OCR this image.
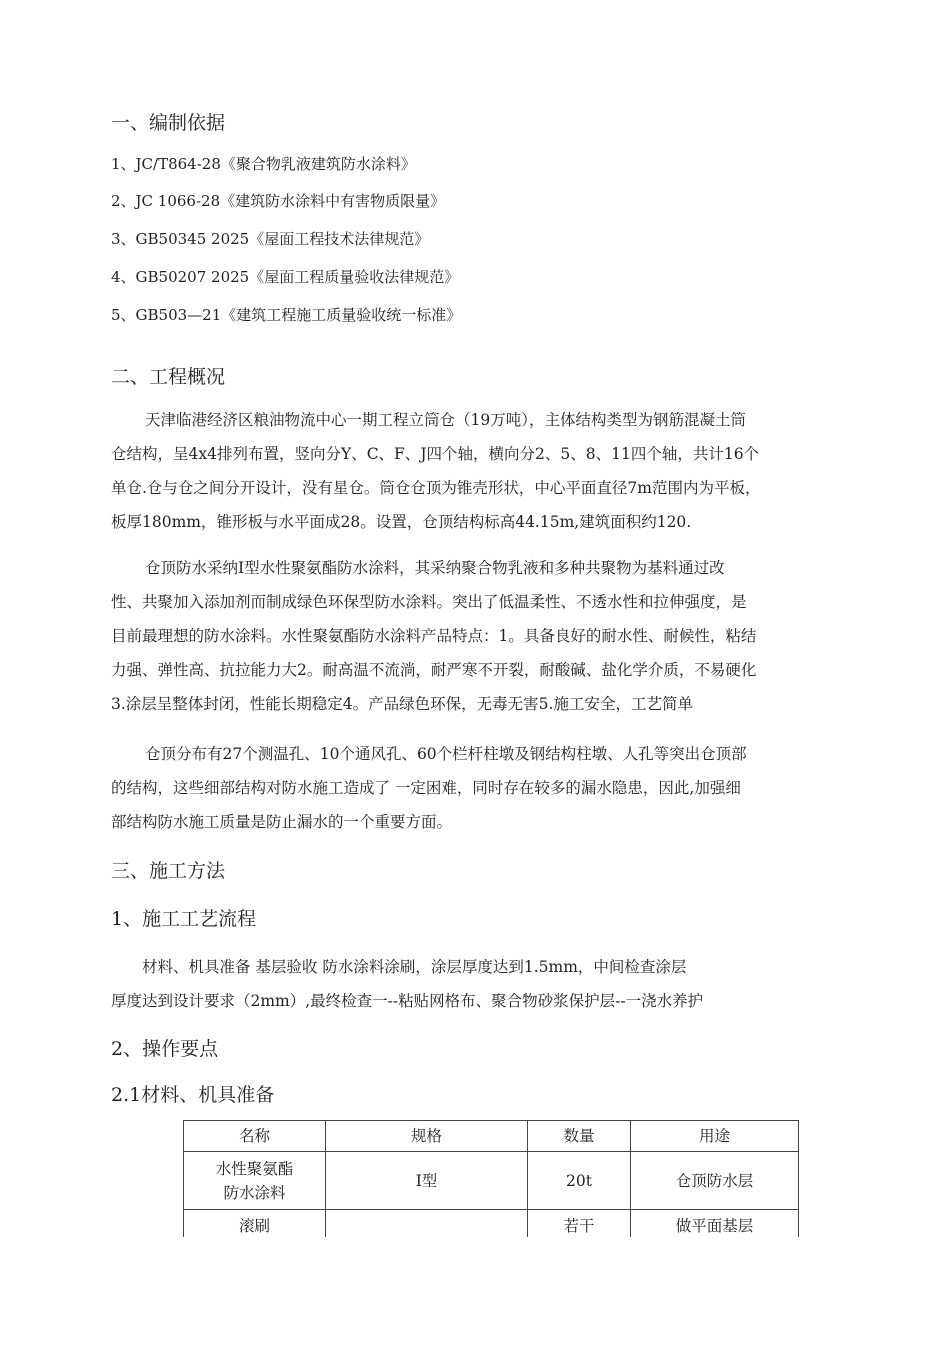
一、编制依据
1、JC/T864-28《聚合物乳液建筑防水涂料》
2、JC 1066-28《建筑防水涂料中有害物质限量》
3、GB50345 2025《屋面工程技术法律规范》
4、GB50207 2025《屋面工程质量验收法律规范》
5、GB503—21《建筑工程施工质量验收统一标准》
二、工程概况
天津临港经济区粮油物流中心一期工程立筒仓（19万吨），主体结构类型为钢筋混凝土筒
仓结构，呈4x4排列布置，竖向分Y、C、F、J四个轴，横向分2、5、8、11四个轴，共计16个
单仓.仓与仓之间分开设计，没有星仓。筒仓仓顶为锥壳形状，中心平面直径7m范围内为平板，
板厚180mm，锥形板与水平面成28。设置，仓顶结构标高44.15m,建筑面积约120.
仓顶防水采纳Ⅰ型水性聚氨酯防水涂料，其采纳聚合物乳液和多种共聚物为基料通过改
性、共聚加入添加剂而制成绿色环保型防水涂料。突出了低温柔性、不透水性和拉伸强度，是
目前最理想的防水涂料。水性聚氨酯防水涂料产品特点：1。具备良好的耐水性、耐候性，粘结
力强、弹性高、抗拉能力大2。耐高温不流淌，耐严寒不开裂，耐酸碱、盐化学介质，不易硬化
3.涂层呈整体封闭，性能长期稳定4。产品绿色环保，无毒无害5.施工安全，工艺简单
仓顶分布有27个测温孔、10个通风孔、60个栏杆柱墩及钢结构柱墩、人孔等突出仓顶部
的结构，这些细部结构对防水施工造成了 一定困难，同时存在较多的漏水隐患，因此,加强细
部结构防水施工质量是防止漏水的一个重要方面。
三、施工方法
1、施工工艺流程
材料、机具准备 基层验收 防水涂料涂刷，涂层厚度达到1.5mm，中间检查涂层
厚度达到设计要求（2mm）,最终检查一--粘贴网格布、聚合物砂浆保护层--一浇水养护
2、操作要点
2.1材料、机具准备
名称	规格	数量	用途
水性聚氨酯
防水涂料	Ⅰ型	20t	仓顶防水层
滚刷		若干	做平面基层
